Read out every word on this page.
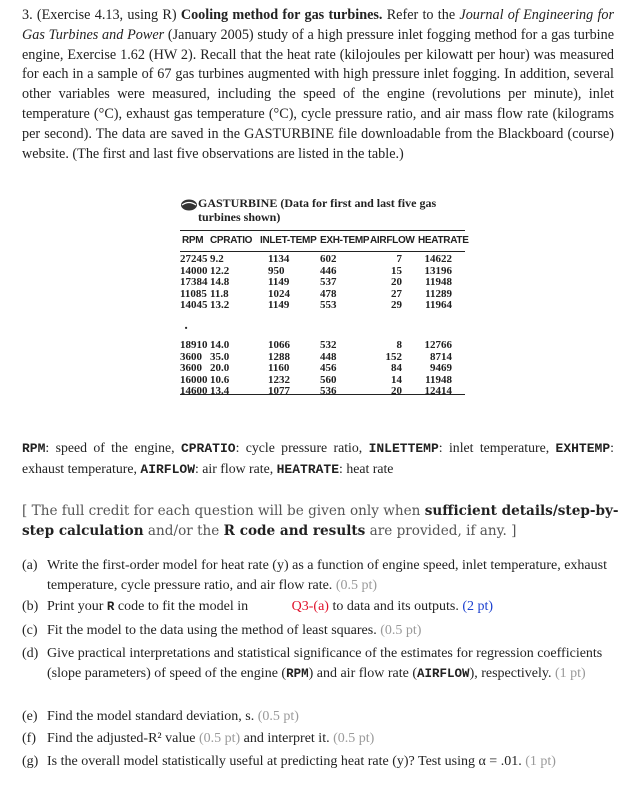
3. (Exercise 4.13, using R) Cooling method for gas turbines. Refer to the Journal of Engineering for Gas Turbines and Power (January 2005) study of a high pressure inlet fogging method for a gas turbine engine, Exercise 1.62 (HW 2). Recall that the heat rate (kilojoules per kilowatt per hour) was measured for each in a sample of 67 gas turbines augmented with high pressure inlet fogging. In addition, several other variables were measured, including the speed of the engine (revolutions per minute), inlet temperature (°C), exhaust gas temperature (°C), cycle pressure ratio, and air mass flow rate (kilograms per second). The data are saved in the GASTURBINE file downloadable from the Blackboard (course) website. (The first and last five observations are listed in the table.)
GASTURBINE (Data for first and last five gas turbines shown)
RPM CPRATIO INLET-TEMP EXH-TEMP AIRFLOW HEATRATE
27245 9.2	1134	602	7	14622
14000 12.2	950	446	15	13196
17384 14.8	1149	537	20	11948
11085 11.8	1024	478	27	11289
14045 13.2	1149	553	29	11964
·
18910 14.0	1066	532	8	12766
3600 35.0	1288	448	152	8714
3600 20.0	1160	456	84	9469
16000 10.6	1232	560	14	11948
14600 13.4	1077	536	20	12414
RPM: speed of the engine, CPRATIO: cycle pressure ratio, INLETTEMP: inlet temperature, EXHTEMP: exhaust temperature, AIRFLOW: air flow rate, HEATRATE: heat rate
[ The full credit for each question will be given only when sufficient details/step-by-step calculation and/or the R code and results are provided, if any. ]
(a) Write the first-order model for heat rate (y) as a function of engine speed, inlet temperature, exhaust temperature, cycle pressure ratio, and air flow rate. (0.5 pt)
(b) Print your R code to fit the model in	Q3-(a) to data and its outputs. (2 pt)
(c) Fit the model to the data using the method of least squares. (0.5 pt)
(d) Give practical interpretations and statistical significance of the estimates for regression coefficients (slope parameters) of speed of the engine (RPM) and air flow rate (AIRFLOW), respectively. (1 pt)
(e) Find the model standard deviation, s. (0.5 pt)
(f) Find the adjusted-R² value (0.5 pt) and interpret it. (0.5 pt)
(g) Is the overall model statistically useful at predicting heat rate (y)? Test using α = .01. (1 pt)
